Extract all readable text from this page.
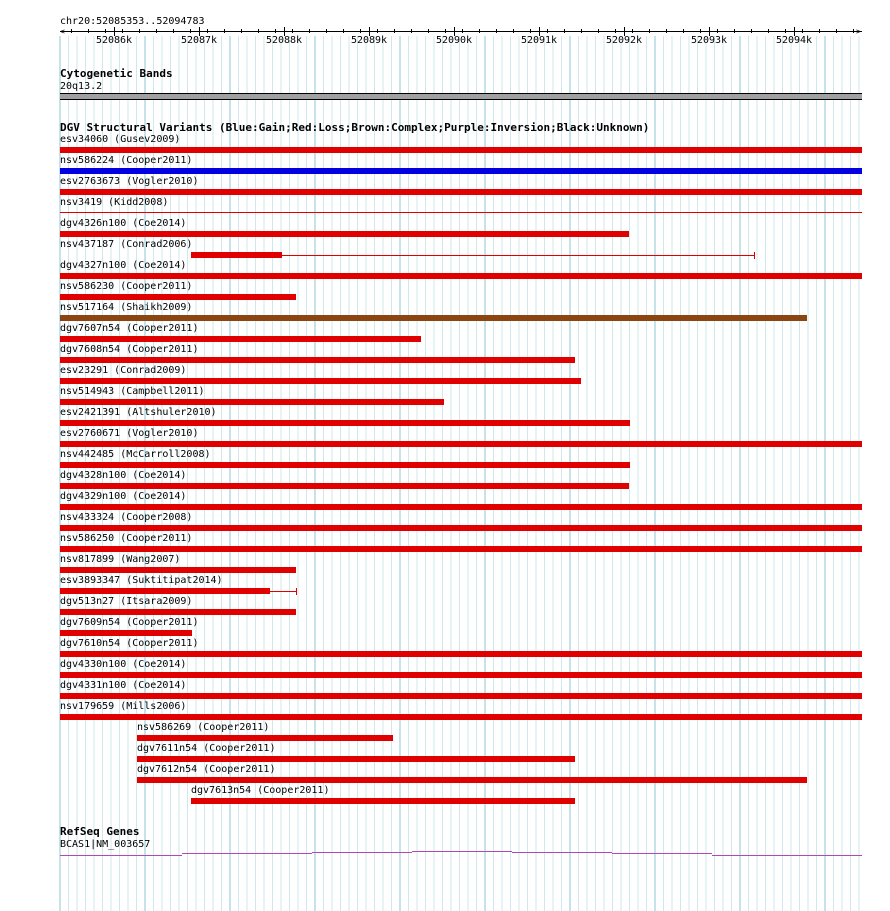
chr20:52085353..52094783
<	>
52086k	52087k	52088k	52089k	52090k	52091k	52092k	52093k	52094k
Cytogenetic Bands
20q13.2
DGV Structural Variants (Blue:Gain;Red:Loss;Brown:Complex;Purple:Inversion;Black:Unknown)
esv34060 (Gusev2009)
nsv586224 (Cooper2011)
esv2763673 (Vogler2010)
nsv3419 (Kidd2008)
dgv4326n100 (Coe2014)
nsv437187 (Conrad2006)
dgv4327n100 (Coe2014)
nsv586230 (Cooper2011)
nsv517164 (Shaikh2009)
dgv7607n54 (Cooper2011)
dgv7608n54 (Cooper2011)
esv23291 (Conrad2009)
nsv514943 (Campbell2011)
esv2421391 (Altshuler2010)
esv2760671 (Vogler2010)
nsv442485 (McCarroll2008)
dgv4328n100 (Coe2014)
dgv4329n100 (Coe2014)
nsv433324 (Cooper2008)
nsv586250 (Cooper2011)
nsv817899 (Wang2007)
esv3893347 (Suktitipat2014)
dgv513n27 (Itsara2009)
dgv7609n54 (Cooper2011)
dgv7610n54 (Cooper2011)
dgv4330n100 (Coe2014)
dgv4331n100 (Coe2014)
nsv179659 (Mills2006)
nsv586269 (Cooper2011)
dgv7611n54 (Cooper2011)
dgv7612n54 (Cooper2011)
dgv7613n54 (Cooper2011)
RefSeq Genes
BCAS1|NM_003657
